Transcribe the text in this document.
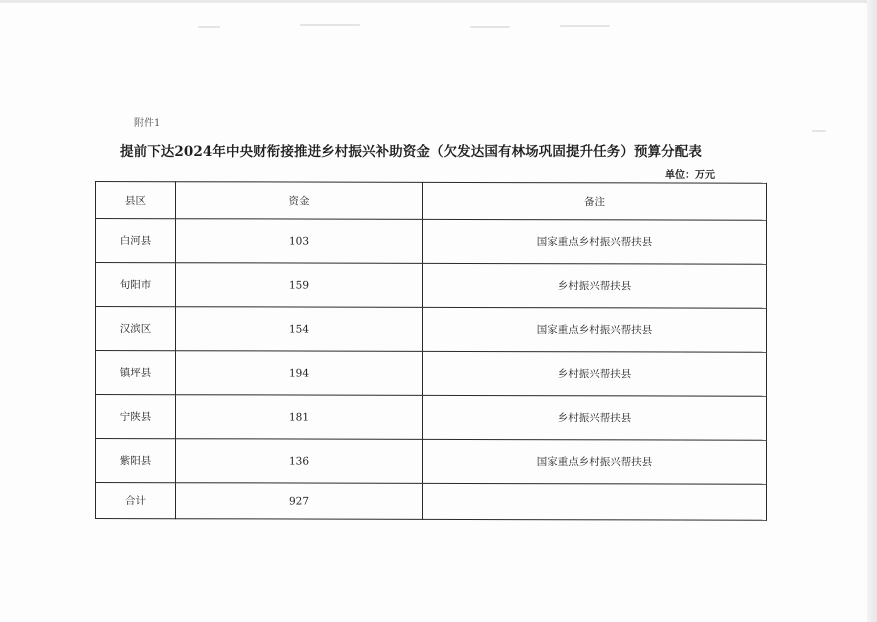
附件1
提前下达2024年中央财衔接推进乡村振兴补助资金（欠发达国有林场巩固提升任务）预算分配表
单位：万元
县区	资金	备注
白河县	103	国家重点乡村振兴帮扶县
旬阳市	159	乡村振兴帮扶县
汉滨区	154	国家重点乡村振兴帮扶县
镇坪县	194	乡村振兴帮扶县
宁陕县	181	乡村振兴帮扶县
紫阳县	136	国家重点乡村振兴帮扶县
合计	927	
